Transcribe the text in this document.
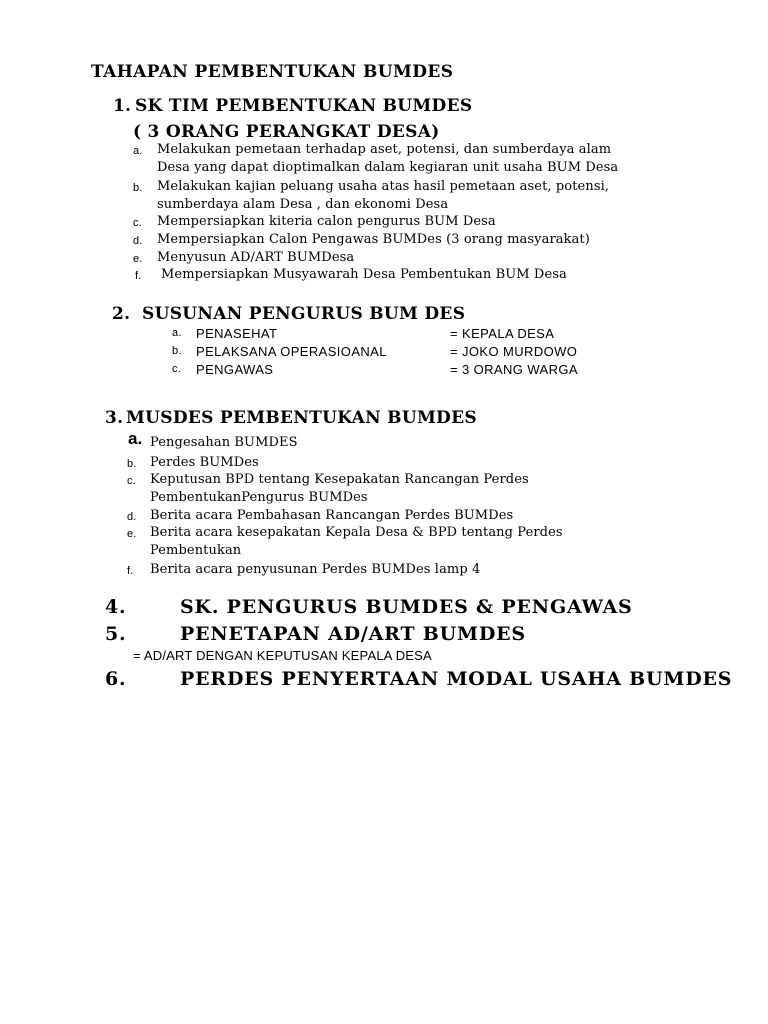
TAHAPAN PEMBENTUKAN BUMDES
1. SK TIM PEMBENTUKAN BUMDES
( 3 ORANG PERANGKAT DESA)
a. Melakukan pemetaan terhadap aset, potensi, dan sumberdaya alam
Desa yang dapat dioptimalkan dalam kegiaran unit usaha BUM Desa
b. Melakukan kajian peluang usaha atas hasil pemetaan aset, potensi,
sumberdaya alam Desa , dan ekonomi Desa
c. Mempersiapkan kiteria calon pengurus BUM Desa
d. Mempersiapkan Calon Pengawas BUMDes (3 orang masyarakat)
e. Menyusun AD/ART BUMDesa
f. Mempersiapkan Musyawarah Desa Pembentukan BUM Desa
2. SUSUNAN PENGURUS BUM DES
a. PENASEHAT	= KEPALA DESA
b. PELAKSANA OPERASIOANAL	= JOKO MURDOWO
c. PENGAWAS	= 3 ORANG WARGA
3. MUSDES PEMBENTUKAN BUMDES
a. Pengesahan BUMDES
b. Perdes BUMDes
c. Keputusan BPD tentang Kesepakatan Rancangan Perdes
PembentukanPengurus BUMDes
d. Berita acara Pembahasan Rancangan Perdes BUMDes
e. Berita acara kesepakatan Kepala Desa & BPD tentang Perdes
Pembentukan
f. Berita acara penyusunan Perdes BUMDes lamp 4
4.	SK. PENGURUS BUMDES & PENGAWAS
5.	PENETAPAN AD/ART BUMDES
= AD/ART DENGAN KEPUTUSAN KEPALA DESA
6.	PERDES PENYERTAAN MODAL USAHA BUMDES
